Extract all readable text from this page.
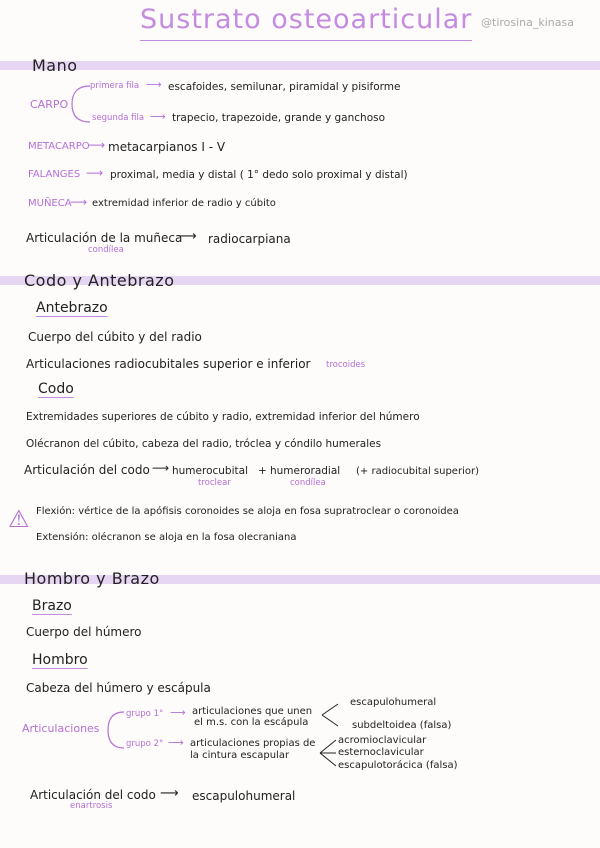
Sustrato osteoarticular @tirosina_kinasa
Mano
CARPO
primera fila ⟶ escafoides, semilunar, piramidal y pisiforme
segunda fila ⟶ trapecio, trapezoide, grande y ganchoso
METACARPO
⟶ metacarpianos I - V
FALANGES ⟶ proximal, media y distal ( 1° dedo solo proximal y distal)
MUÑECA
⟶ extremidad inferior de radio y cúbito
Articulación de la muñeca
condílea
⟶ radiocarpiana
Codo y Antebrazo
Antebrazo
Cuerpo del cúbito y del radio
Articulaciones radiocubitales superior e inferior trocoides
Codo
Extremidades superiores de cúbito y radio, extremidad inferior del húmero
Olécranon del cúbito, cabeza del radio, tróclea y cóndilo humerales
Articulación del codo ⟶ humerocubital + humeroradial (+ radiocubital superior)
troclear	condílea
⚠ Flexión: vértice de la apófisis coronoides se aloja en fosa supratroclear o coronoidea
Extensión: olécranon se aloja en la fosa olecraniana
Hombro y Brazo
Brazo
Cuerpo del húmero
Hombro
Cabeza del húmero y escápula
Articulaciones
grupo 1° ⟶ articulaciones que unen
el m.s. con la escápula
escapulohumeral
subdeltoidea (falsa)
grupo 2° ⟶ articulaciones propias de
la cintura escapular
acromioclavicular
esternoclavicular
escapulotorácica (falsa)
Articulación del codo
enartrosis
⟶ escapulohumeral
